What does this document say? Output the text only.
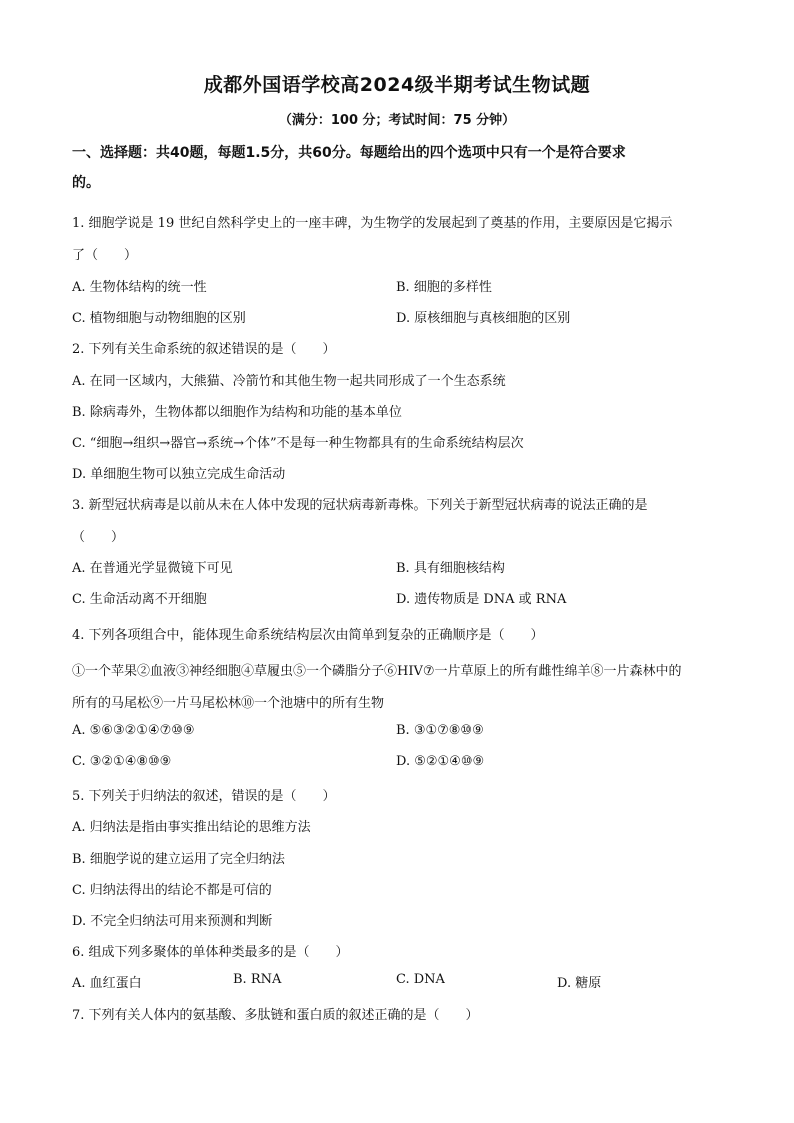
成都外国语学校高2024级半期考试生物试题
（满分：100 分；考试时间：75 分钟）
一、选择题：共40题，每题1.5分，共60分。每题给出的四个选项中只有一个是符合要求
的。
1. 细胞学说是 19 世纪自然科学史上的一座丰碑，为生物学的发展起到了奠基的作用，主要原因是它揭示
了（　　）
A. 生物体结构的统一性	B. 细胞的多样性
C. 植物细胞与动物细胞的区别	D. 原核细胞与真核细胞的区别
2. 下列有关生命系统的叙述错误的是（　　）
A. 在同一区域内，大熊猫、冷箭竹和其他生物一起共同形成了一个生态系统
B. 除病毒外，生物体都以细胞作为结构和功能的基本单位
C. “细胞→组织→器官→系统→个体”不是每一种生物都具有的生命系统结构层次
D. 单细胞生物可以独立完成生命活动
3. 新型冠状病毒是以前从未在人体中发现的冠状病毒新毒株。下列关于新型冠状病毒的说法正确的是
（　　）
A. 在普通光学显微镜下可见	B. 具有细胞核结构
C. 生命活动离不开细胞	D. 遗传物质是 DNA 或 RNA
4. 下列各项组合中，能体现生命系统结构层次由简单到复杂的正确顺序是（　　）
①一个苹果②血液③神经细胞④草履虫⑤一个磷脂分子⑥HIV⑦一片草原上的所有雌性绵羊⑧一片森林中的
所有的马尾松⑨一片马尾松林⑩一个池塘中的所有生物
A. ⑤⑥③②①④⑦⑩⑨	B. ③①⑦⑧⑩⑨
C. ③②①④⑧⑩⑨	D. ⑤②①④⑩⑨
5. 下列关于归纳法的叙述，错误的是（　　）
A. 归纳法是指由事实推出结论的思维方法
B. 细胞学说的建立运用了完全归纳法
C. 归纳法得出的结论不都是可信的
D. 不完全归纳法可用来预测和判断
6. 组成下列多聚体的单体种类最多的是（　　）
A. 血红蛋白	B. RNA	C. DNA	D. 糖原
7. 下列有关人体内的氨基酸、多肽链和蛋白质的叙述正确的是（　　）
